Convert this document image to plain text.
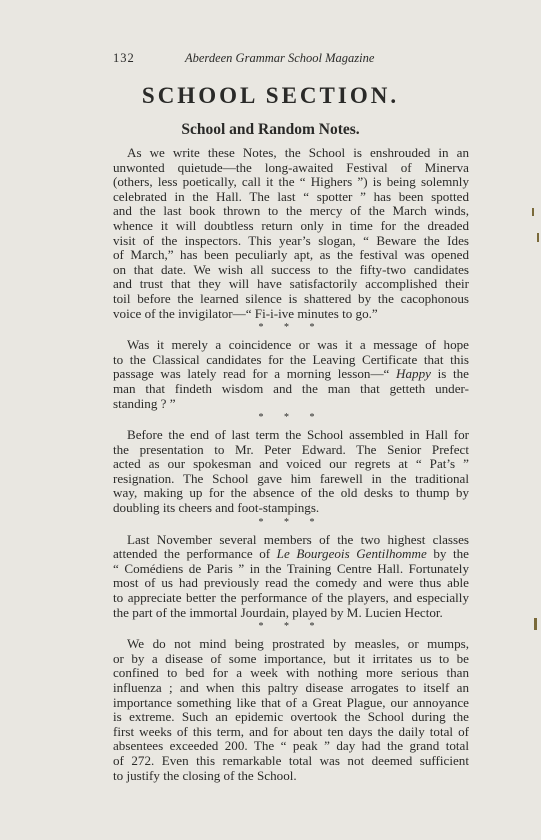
132	Aberdeen Grammar School Magazine
SCHOOL SECTION.
School and Random Notes.

As we write these Notes, the School is enshrouded in an
unwonted quietude—the long-awaited Festival of Minerva
(others, less poetically, call it the “ Highers ”) is being solemnly
celebrated in the Hall. The last “ spotter ” has been spotted
and the last book thrown to the mercy of the March winds,
whence it will doubtless return only in time for the dreaded
visit of the inspectors. This year’s slogan, “ Beware the Ides
of March,” has been peculiarly apt, as the festival was opened
on that date. We wish all success to the fifty-two candidates
and trust that they will have satisfactorily accomplished their
toil before the learned silence is shattered by the cacophonous
voice of the invigilator—“ Fi-i-ive minutes to go.”

* * *

Was it merely a coincidence or was it a message of hope
to the Classical candidates for the Leaving Certificate that this
passage was lately read for a morning lesson—“ Happy is the
man that findeth wisdom and the man that getteth under-
standing ? ”

* * *

Before the end of last term the School assembled in Hall for
the presentation to Mr. Peter Edward. The Senior Prefect
acted as our spokesman and voiced our regrets at “ Pat’s ”
resignation. The School gave him farewell in the traditional
way, making up for the absence of the old desks to thump by
doubling its cheers and foot-stampings.

* * *

Last November several members of the two highest classes
attended the performance of Le Bourgeois Gentilhomme by the
“ Comédiens de Paris ” in the Training Centre Hall. Fortunately
most of us had previously read the comedy and were thus able
to appreciate better the performance of the players, and especially
the part of the immortal Jourdain, played by M. Lucien Hector.

* * *

We do not mind being prostrated by measles, or mumps,
or by a disease of some importance, but it irritates us to be
confined to bed for a week with nothing more serious than
influenza ; and when this paltry disease arrogates to itself an
importance something like that of a Great Plague, our annoyance
is extreme. Such an epidemic overtook the School during the
first weeks of this term, and for about ten days the daily total of
absentees exceeded 200. The “ peak ” day had the grand total
of 272. Even this remarkable total was not deemed sufficient
to justify the closing of the School.
